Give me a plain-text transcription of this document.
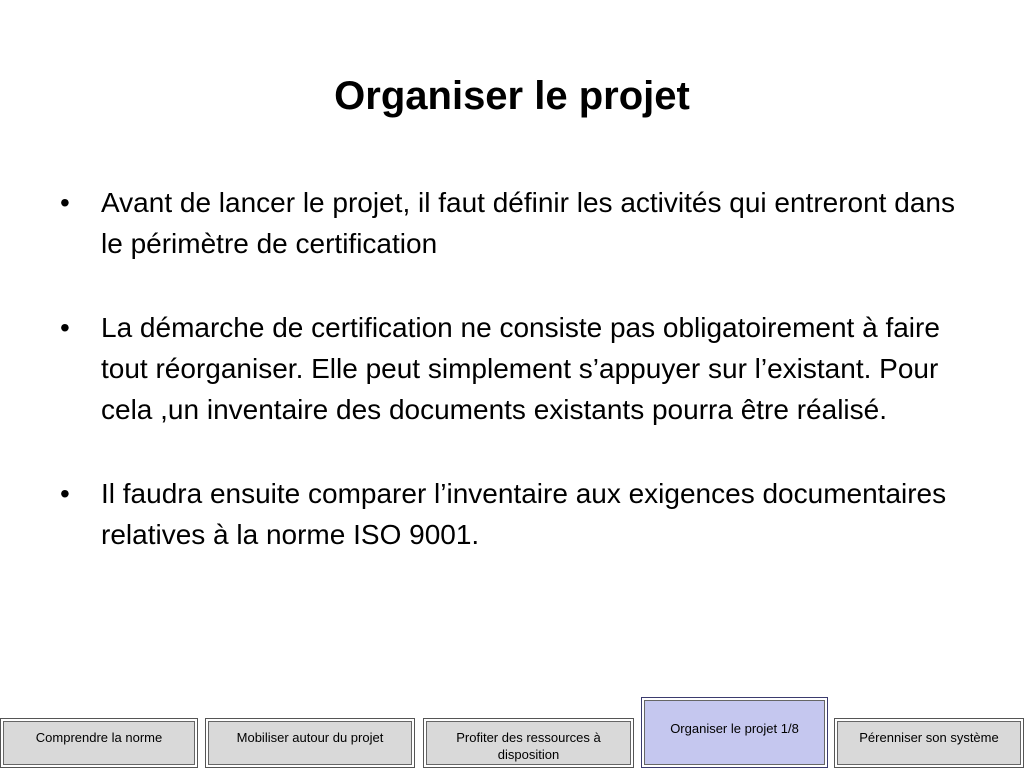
Organiser le projet
• Avant de lancer le projet, il faut définir les activités qui entreront dans le périmètre de certification
• La démarche de certification ne consiste pas obligatoirement à faire tout réorganiser. Elle peut simplement s’appuyer sur l’existant. Pour cela ,un inventaire des documents existants pourra être réalisé.
• Il faudra ensuite comparer l’inventaire aux exigences documentaires relatives à la norme ISO 9001.
Comprendre la norme	Mobiliser autour du projet	Profiter des ressources à disposition
Organiser le projet 1/8
Pérenniser son système
